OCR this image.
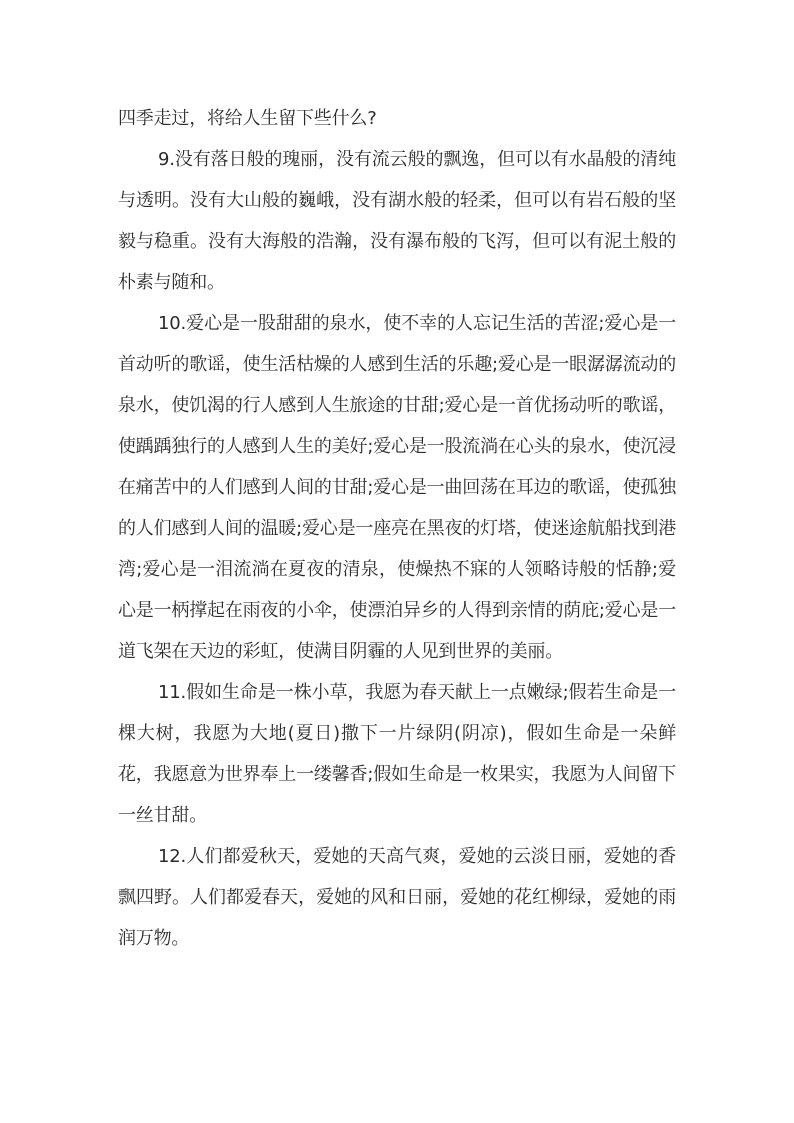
四季走过，将给人生留下些什么?

9.没有落日般的瑰丽，没有流云般的飘逸，但可以有水晶般的清纯与透明。没有大山般的巍峨，没有湖水般的轻柔，但可以有岩石般的坚毅与稳重。没有大海般的浩瀚，没有瀑布般的飞泻，但可以有泥土般的朴素与随和。

10.爱心是一股甜甜的泉水，使不幸的人忘记生活的苦涩;爱心是一首动听的歌谣，使生活枯燥的人感到生活的乐趣;爱心是一眼潺潺流动的泉水，使饥渴的行人感到人生旅途的甘甜;爱心是一首优扬动听的歌谣，使踽踽独行的人感到人生的美好;爱心是一股流淌在心头的泉水，使沉浸在痛苦中的人们感到人间的甘甜;爱心是一曲回荡在耳边的歌谣，使孤独的人们感到人间的温暖;爱心是一座亮在黑夜的灯塔，使迷途航船找到港湾;爱心是一泪流淌在夏夜的清泉，使燥热不寐的人领略诗般的恬静;爱心是一柄撑起在雨夜的小伞，使漂泊异乡的人得到亲情的荫庇;爱心是一道飞架在天边的彩虹，使满目阴霾的人见到世界的美丽。

11.假如生命是一株小草，我愿为春天献上一点嫩绿;假若生命是一棵大树，我愿为大地(夏日)撒下一片绿阴(阴凉)，假如生命是一朵鲜花，我愿意为世界奉上一缕馨香;假如生命是一枚果实，我愿为人间留下一丝甘甜。

12.人们都爱秋天，爱她的天高气爽，爱她的云淡日丽，爱她的香飘四野。人们都爱春天，爱她的风和日丽，爱她的花红柳绿，爱她的雨润万物。
